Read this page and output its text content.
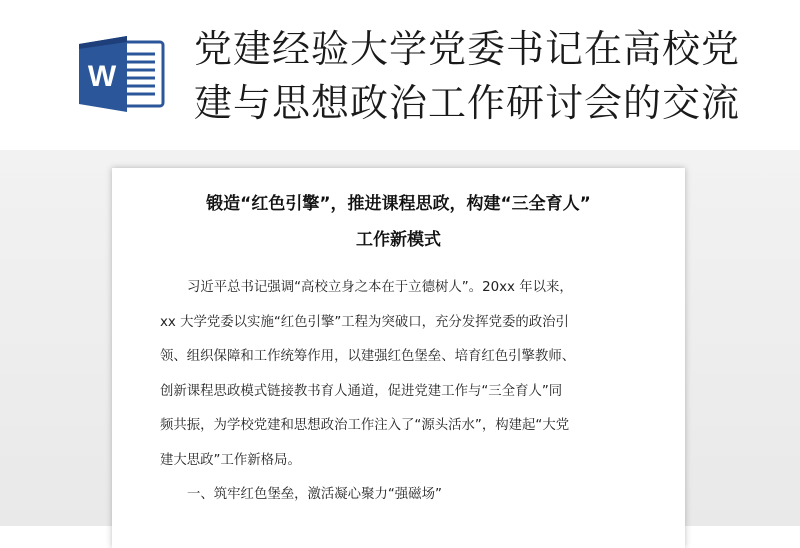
W
党建经验大学党委书记在高校党
建与思想政治工作研讨会的交流
锻造“红色引擎”，推进课程思政，构建“三全育人”
工作新模式

习近平总书记强调“高校立身之本在于立德树人”。20xx 年以来，
xx 大学党委以实施“红色引擎”工程为突破口，充分发挥党委的政治引
领、组织保障和工作统筹作用，以建强红色堡垒、培育红色引擎教师、
创新课程思政模式链接教书育人通道，促进党建工作与“三全育人”同
频共振，为学校党建和思想政治工作注入了“源头活水”，构建起“大党
建大思政”工作新格局。

一、筑牢红色堡垒，激活凝心聚力“强磁场”
